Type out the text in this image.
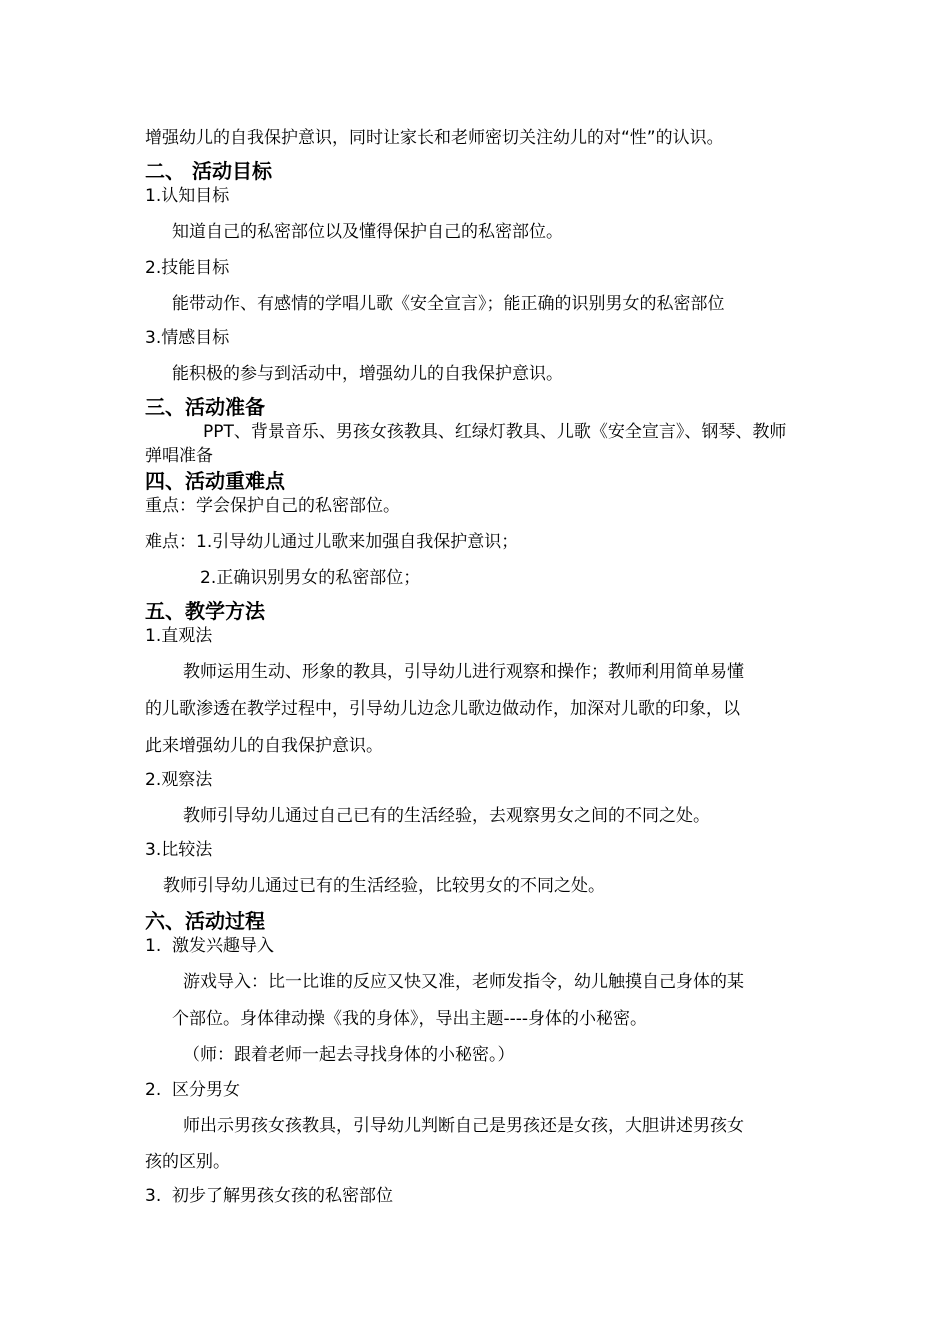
增强幼儿的自我保护意识，同时让家长和老师密切关注幼儿的对“性”的认识。
二、 活动目标
1.认知目标
知道自己的私密部位以及懂得保护自己的私密部位。
2.技能目标
能带动作、有感情的学唱儿歌《安全宣言》；能正确的识别男女的私密部位
3.情感目标
能积极的参与到活动中，增强幼儿的自我保护意识。
三、活动准备
PPT、背景音乐、男孩女孩教具、红绿灯教具、儿歌《安全宣言》、钢琴、教师
弹唱准备
四、活动重难点
重点：学会保护自己的私密部位。
难点：1.引导幼儿通过儿歌来加强自我保护意识；
2.正确识别男女的私密部位；
五、教学方法
1.直观法
教师运用生动、形象的教具，引导幼儿进行观察和操作；教师利用简单易懂
的儿歌渗透在教学过程中，引导幼儿边念儿歌边做动作，加深对儿歌的印象，以
此来增强幼儿的自我保护意识。
2.观察法
教师引导幼儿通过自己已有的生活经验，去观察男女之间的不同之处。
3.比较法
教师引导幼儿通过已有的生活经验，比较男女的不同之处。
六、活动过程
1.  激发兴趣导入
游戏导入：比一比谁的反应又快又准，老师发指令，幼儿触摸自己身体的某
个部位。身体律动操《我的身体》，导出主题----身体的小秘密。
（师：跟着老师一起去寻找身体的小秘密。）
2.  区分男女
师出示男孩女孩教具，引导幼儿判断自己是男孩还是女孩，大胆讲述男孩女
孩的区别。
3.  初步了解男孩女孩的私密部位
